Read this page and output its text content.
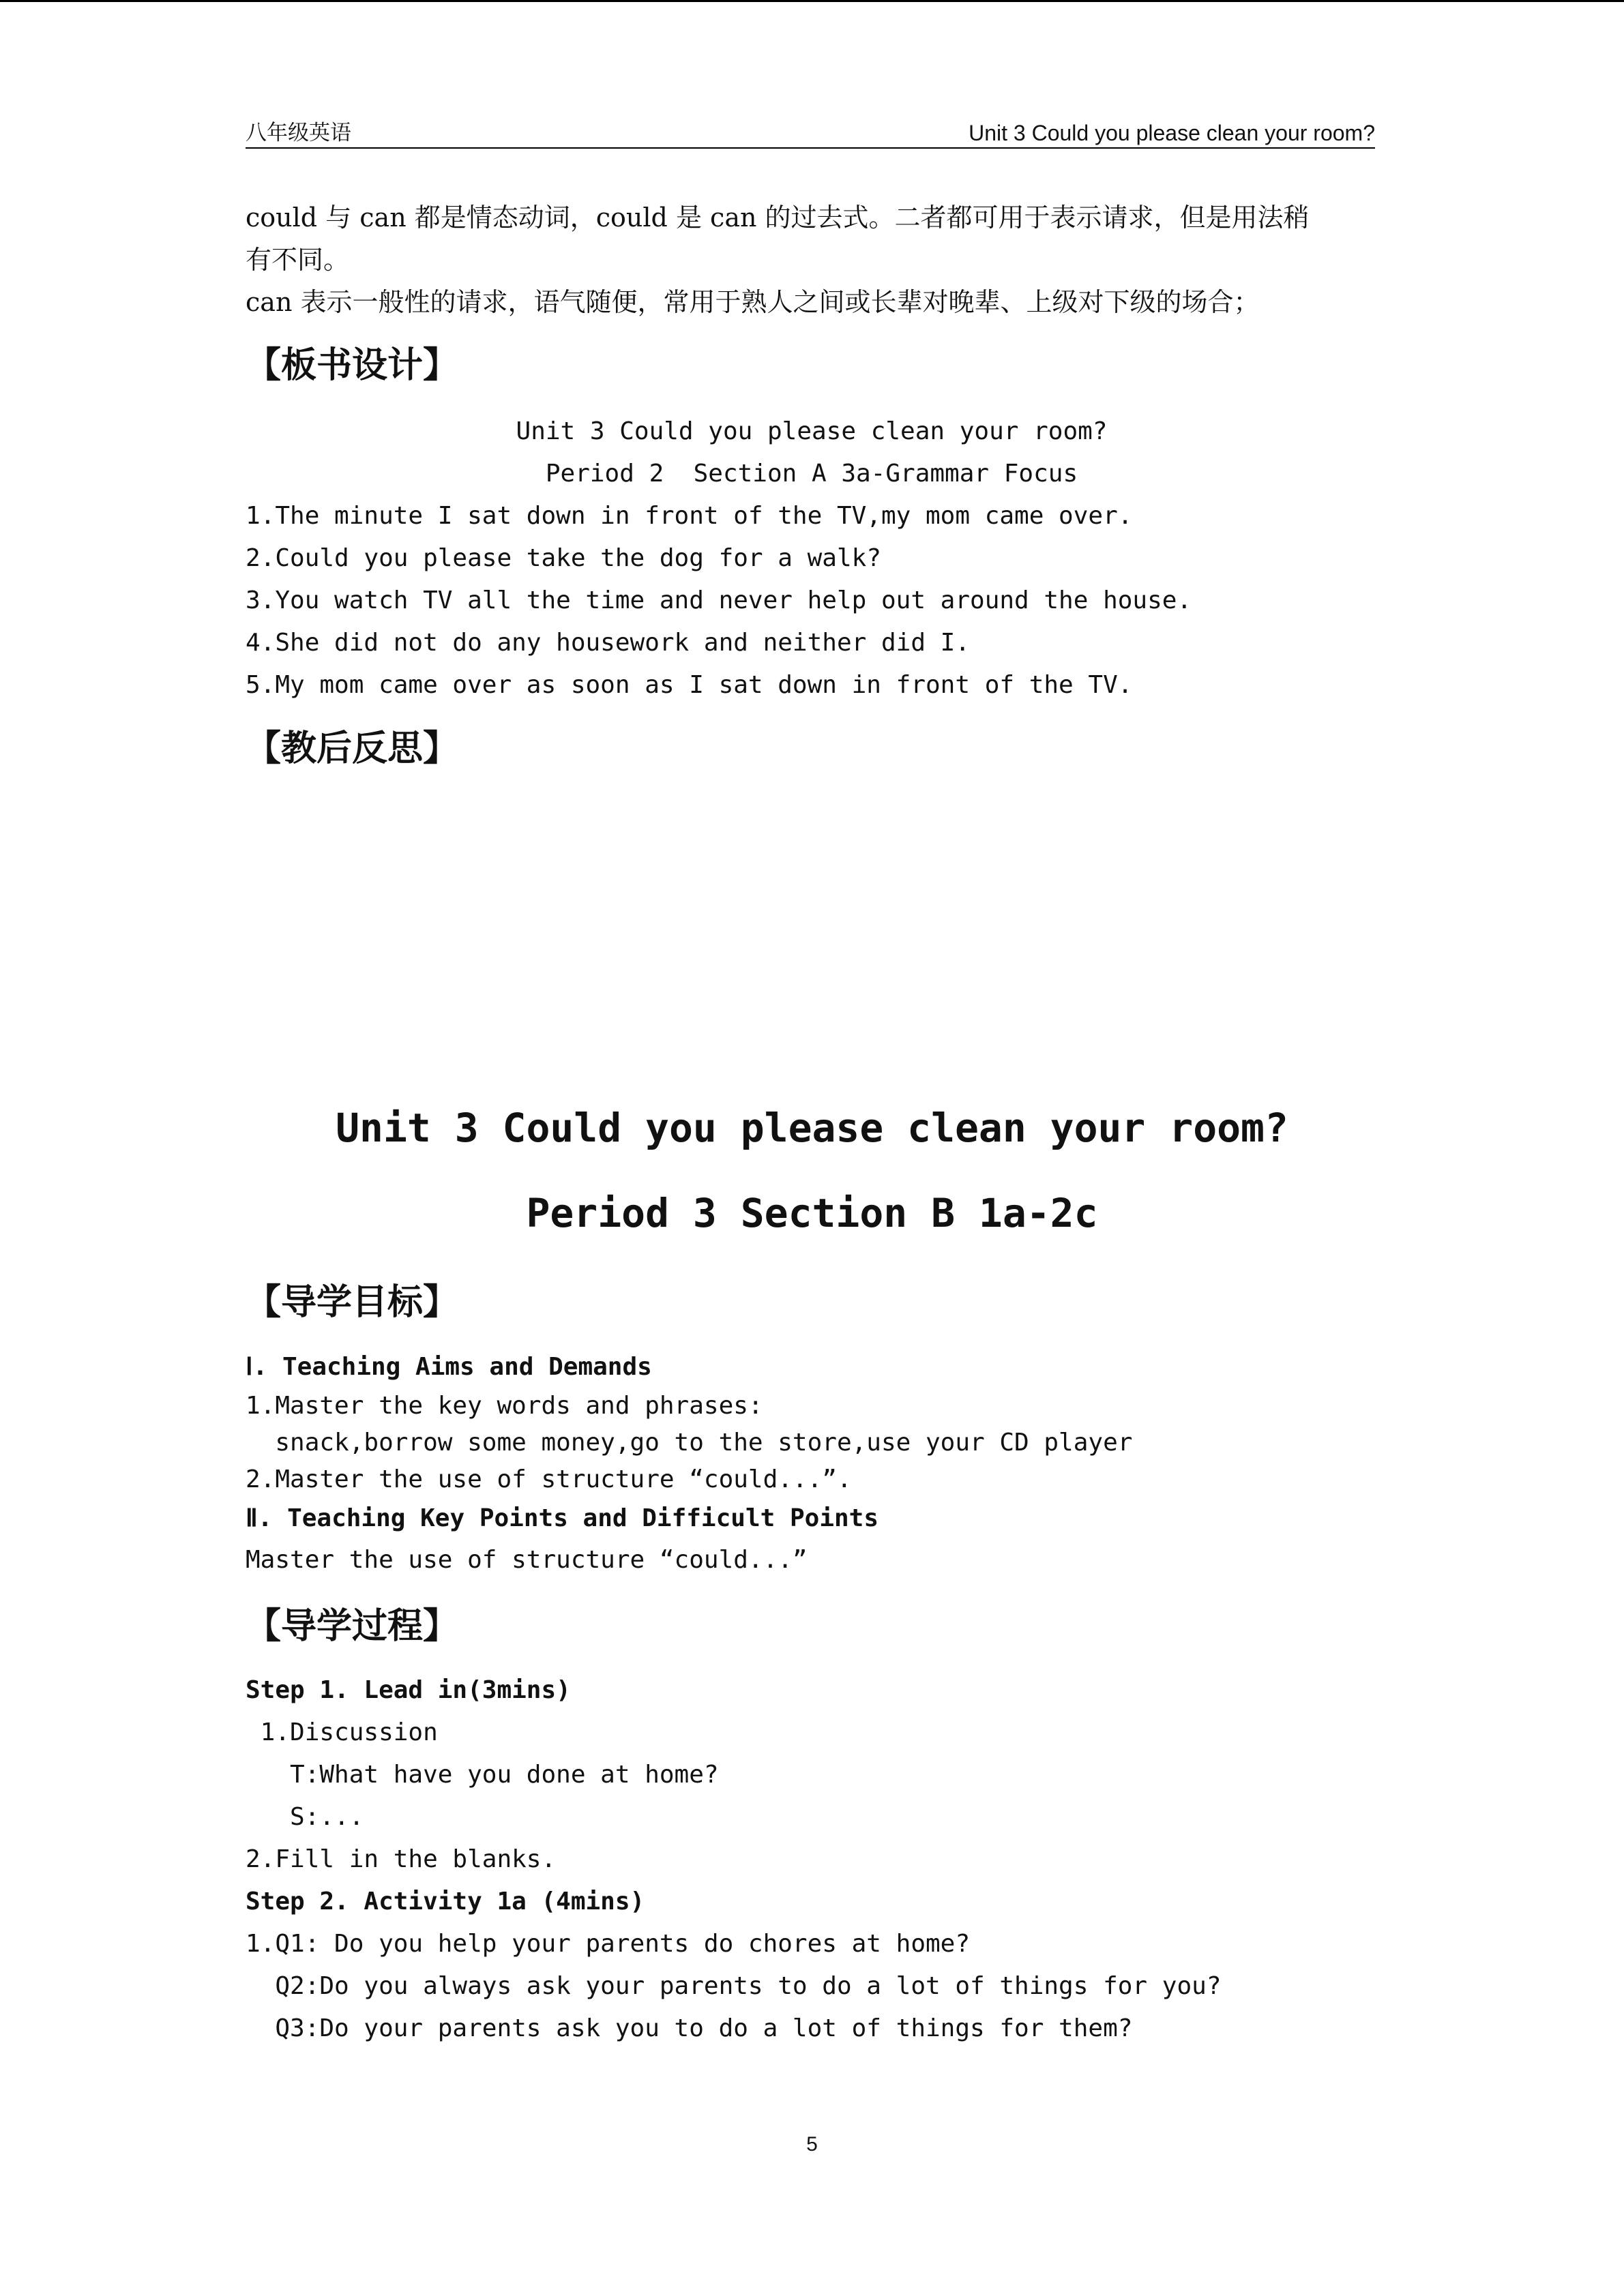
八年级英语	Unit 3 Could you please clean your room?

could 与 can 都是情态动词，could 是 can 的过去式。二者都可用于表示请求，但是用法稍

有不同。

can 表示一般性的请求，语气随便，常用于熟人之间或长辈对晚辈、上级对下级的场合；

【板书设计】

Unit 3 Could you please clean your room?

Period 2  Section A 3a-Grammar Focus

1.The minute I sat down in front of the TV,my mom came over.

2.Could you please take the dog for a walk?

3.You watch TV all the time and never help out around the house.

4.She did not do any housework and neither did I.

5.My mom came over as soon as I sat down in front of the TV.

【教后反思】

Unit 3 Could you please clean your room?
Period 3 Section B 1a-2c

【导学目标】

Ⅰ. Teaching Aims and Demands

1.Master the key words and phrases:

snack,borrow some money,go to the store,use your CD player

2.Master the use of structure “could...”.

Ⅱ. Teaching Key Points and Difficult Points

Master the use of structure “could...”

【导学过程】

Step 1. Lead in(3mins)

1.Discussion

T:What have you done at home?

S:...

2.Fill in the blanks.

Step 2. Activity 1a (4mins)

1.Q1: Do you help your parents do chores at home?

Q2:Do you always ask your parents to do a lot of things for you?

Q3:Do your parents ask you to do a lot of things for them?

5
